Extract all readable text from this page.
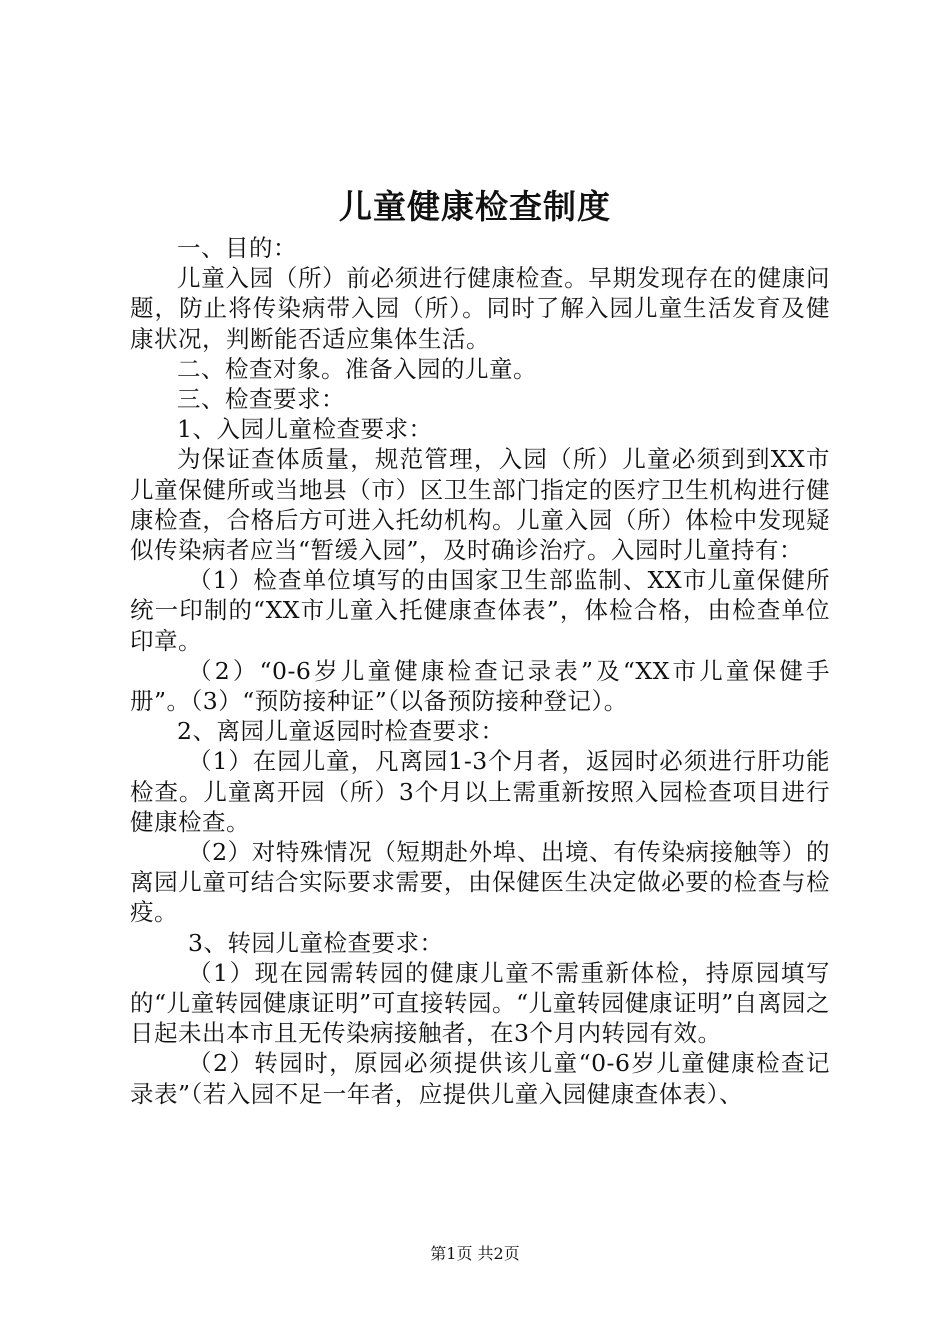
儿童健康检查制度

一、目的：

儿童入园（所）前必须进行健康检查。早期发现存在的健康问题，防止将传染病带入园（所）。同时了解入园儿童生活发育及健康状况，判断能否适应集体生活。

二、检查对象。准备入园的儿童。

三、检查要求：

1、入园儿童检查要求：

为保证查体质量，规范管理，入园（所）儿童必须到到XX市儿童保健所或当地县（市）区卫生部门指定的医疗卫生机构进行健康检查，合格后方可进入托幼机构。儿童入园（所）体检中发现疑似传染病者应当“暂缓入园”，及时确诊治疗。入园时儿童持有：

（1）检查单位填写的由国家卫生部监制、XX市儿童保健所统一印制的“XX市儿童入托健康查体表”，体检合格，由检查单位印章。

（2）“0-6岁儿童健康检查记录表”及“XX市儿童保健手册”。（3）“预防接种证”（以备预防接种登记）。

2、离园儿童返园时检查要求：

（1）在园儿童，凡离园1-3个月者，返园时必须进行肝功能检查。儿童离开园（所）3个月以上需重新按照入园检查项目进行健康检查。

（2）对特殊情况（短期赴外埠、出境、有传染病接触等）的离园儿童可结合实际要求需要，由保健医生决定做必要的检查与检疫。

3、转园儿童检查要求：

（1）现在园需转园的健康儿童不需重新体检，持原园填写的“儿童转园健康证明”可直接转园。“儿童转园健康证明”自离园之日起未出本市且无传染病接触者，在3个月内转园有效。

（2）转园时，原园必须提供该儿童“0-6岁儿童健康检查记录表”（若入园不足一年者，应提供儿童入园健康查体表）、

第1页 共2页
